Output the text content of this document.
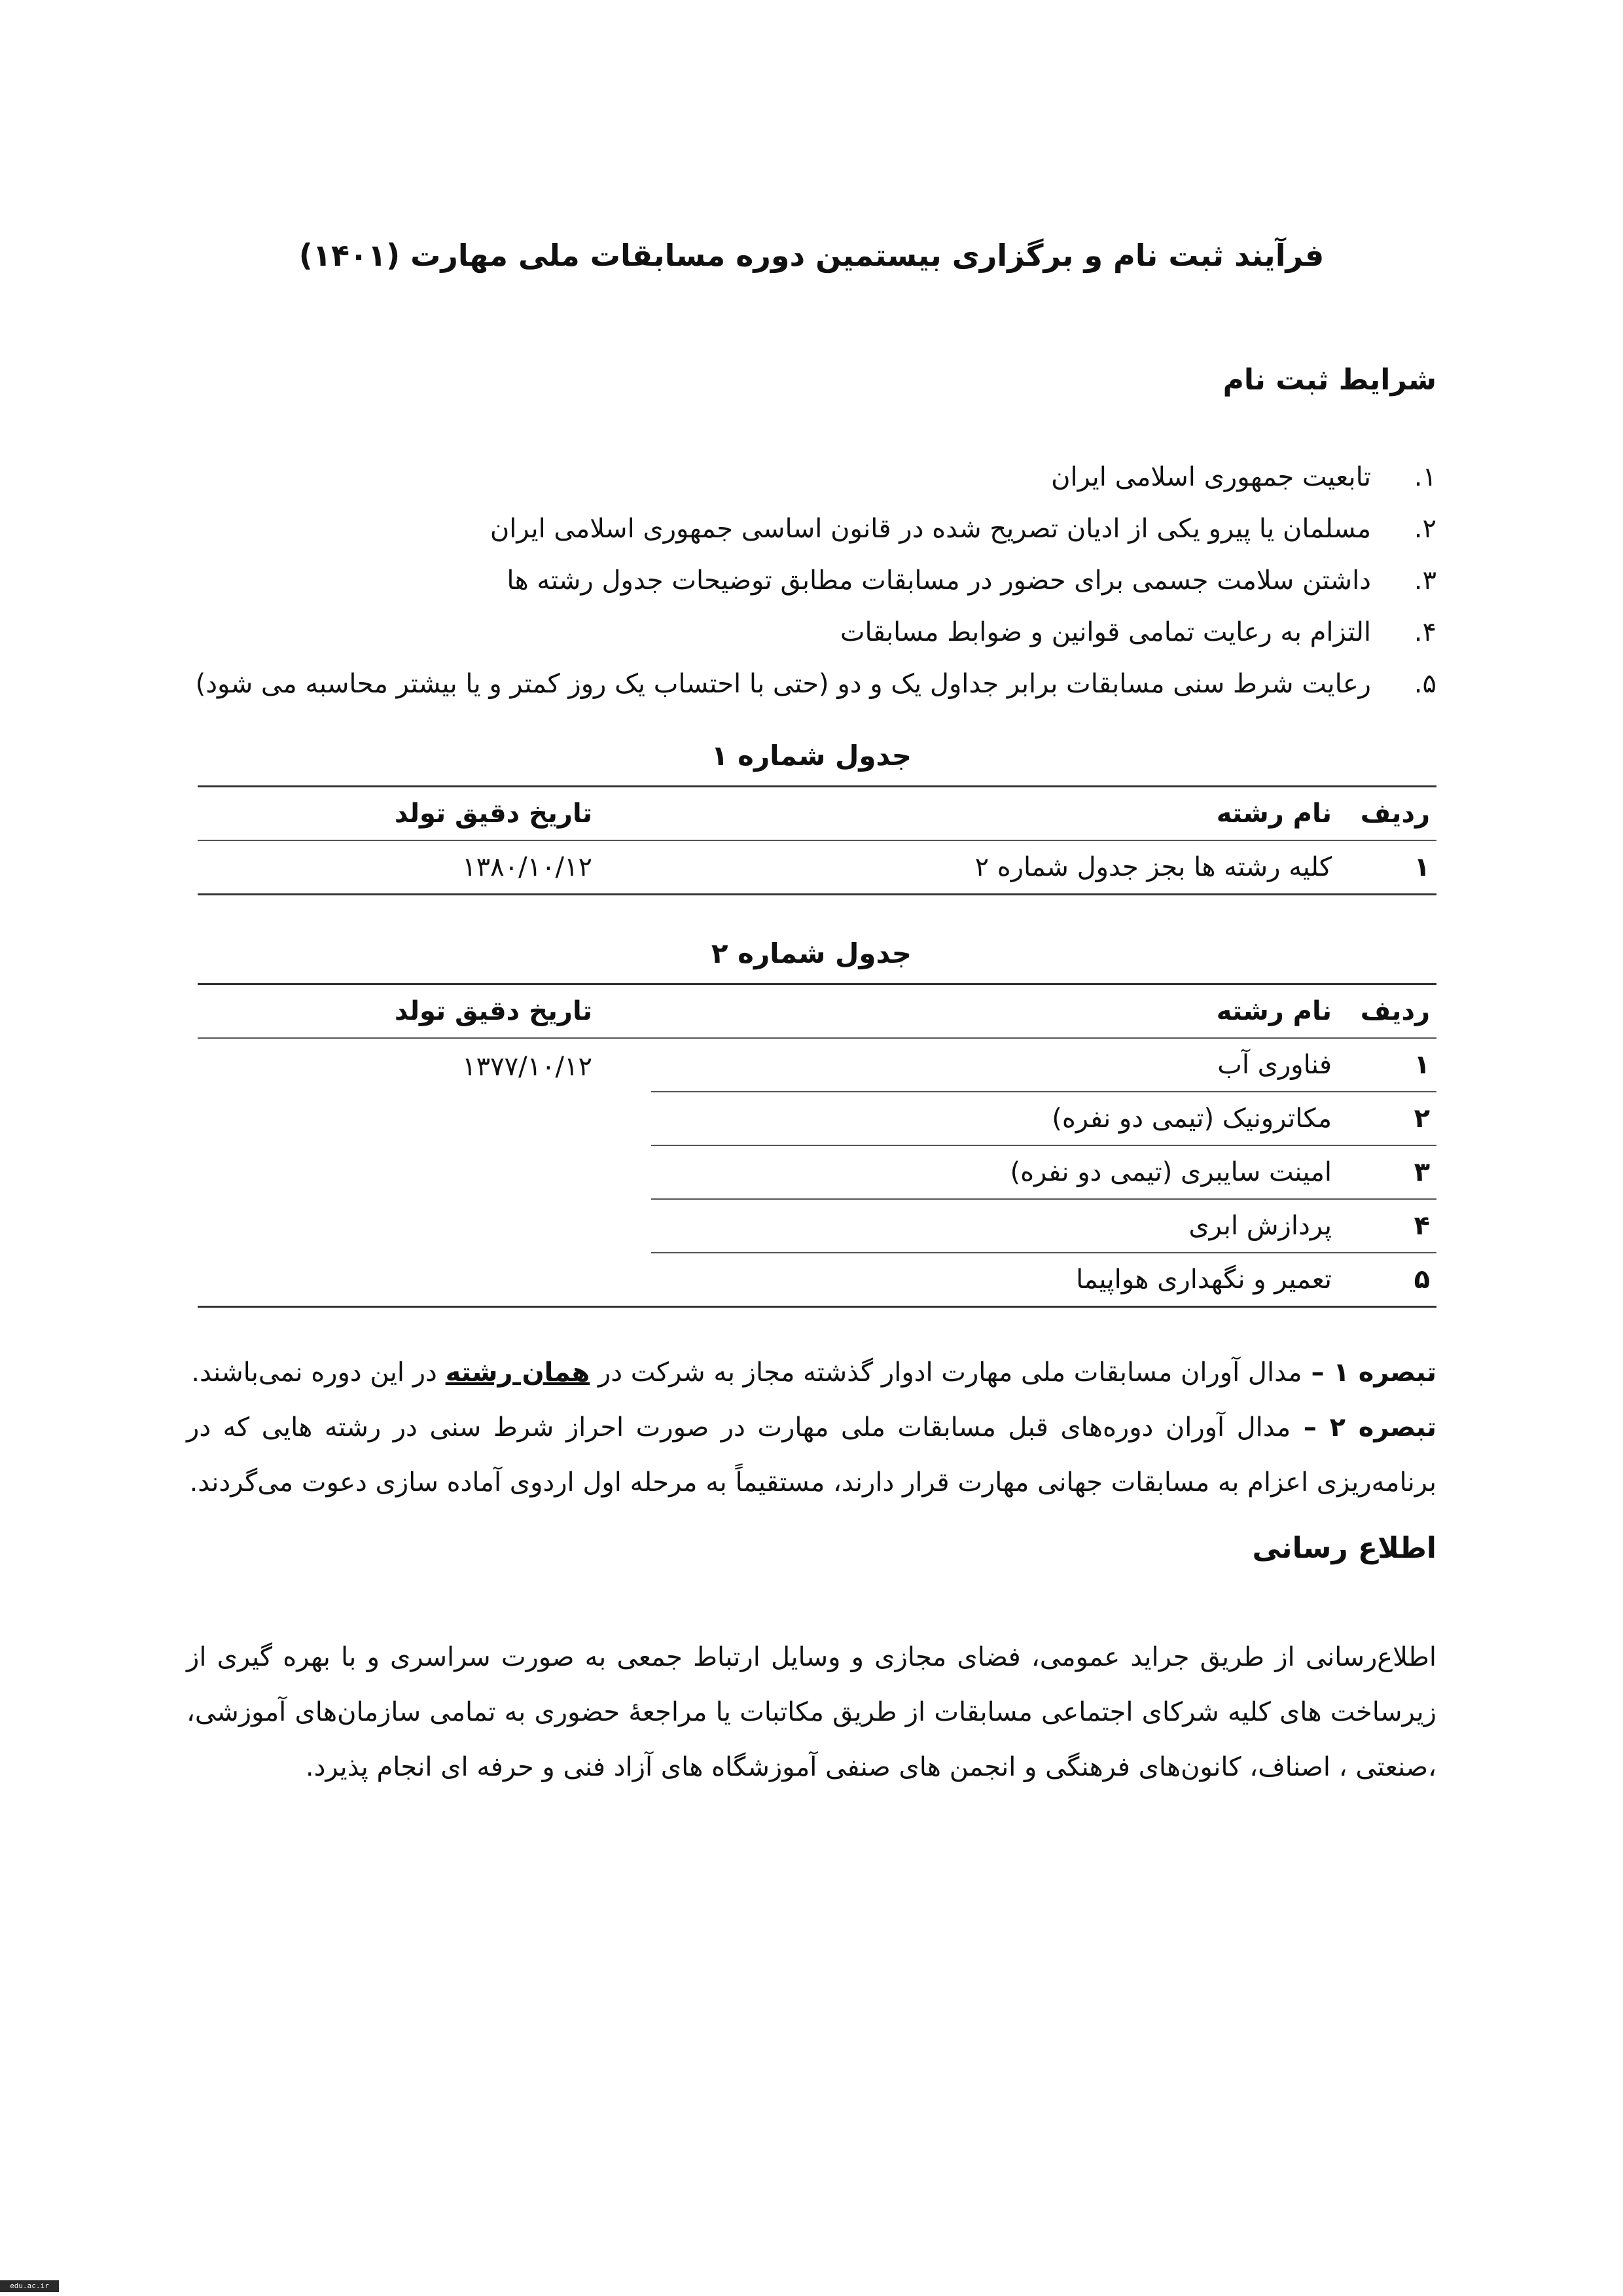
فرآیند ثبت نام و برگزاری بیستمین دوره مسابقات ملی مهارت (۱۴۰۱)
شرایط ثبت نام
۱.تابعیت جمهوری اسلامی ایران
۲.مسلمان یا پیرو یکی از ادیان تصریح شده در قانون اساسی جمهوری اسلامی ایران
۳.داشتن سلامت جسمی برای حضور در مسابقات مطابق توضیحات جدول رشته ها
۴.التزام به رعایت تمامی قوانین و ضوابط مسابقات
۵.رعایت شرط سنی مسابقات برابر جداول یک و دو (حتی با احتساب یک روز کمتر و یا بیشتر محاسبه می شود)
جدول شماره ۱
ردیف	نام رشته	تاریخ دقیق تولد
۱	کلیه رشته ها بجز جدول شماره ۲	۱۳۸۰/۱۰/۱۲
جدول شماره ۲
ردیف	نام رشته	تاریخ دقیق تولد
۱	فناوری آب	۱۳۷۷/۱۰/۱۲
۲	مکاترونیک (تیمی دو نفره)	
۳	امینت سایبری (تیمی دو نفره)	
۴	پردازش ابری	
۵	تعمیر و نگهداری هواپیما	
تبصره ۱ – مدال آوران مسابقات ملی مهارت ادوار گذشته مجاز به شرکت در همان رشته در این دوره نمی‌باشند.
تبصره ۲ – مدال آوران دوره‌های قبل مسابقات ملی مهارت در صورت احراز شرط سنی در رشته هایی که در برنامه‌ریزی اعزام به مسابقات جهانی مهارت قرار دارند، مستقیماً به مرحله اول اردوی آماده سازی دعوت می‌گردند.
اطلاع رسانی
اطلاع‌رسانی از طریق جراید عمومی، فضای مجازی و وسایل ارتباط جمعی به صورت سراسری و با بهره گیری از زیرساخت های کلیه شرکای اجتماعی مسابقات از طریق مکاتبات یا مراجعهٔ حضوری به تمامی سازمان‌های آموزشی، ،صنعتی ، اصناف، کانون‌های فرهنگی و انجمن های صنفی آموزشگاه های آزاد فنی و حرفه ای انجام پذیرد.
edu.ac.ir
